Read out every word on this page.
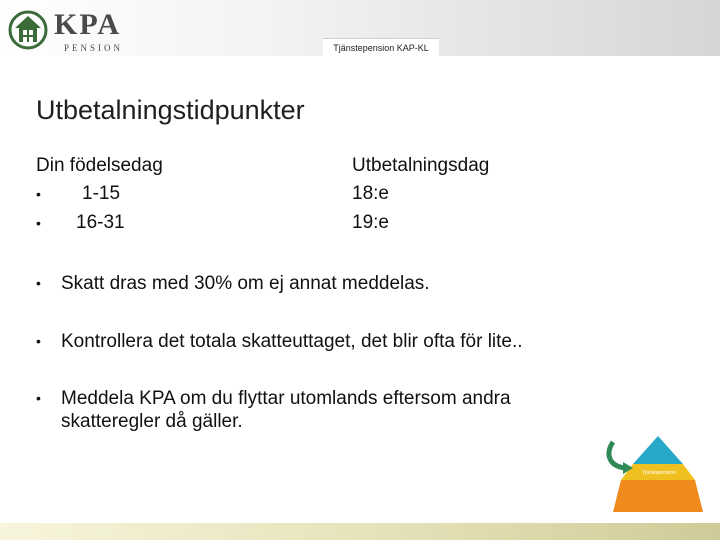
KPA
PENSION	Tjänstepension KAP-KL
Utbetalningstidpunkter
Din födelsedag	Utbetalningsdag
• 1-15	18:e
• 16-31	19:e
• Skatt dras med 30% om ej annat meddelas.
• Kontrollera det totala skatteuttaget, det blir ofta för lite..
• Meddela KPA om du flyttar utomlands eftersom andra skatteregler då gäller.
Tjänstepension
